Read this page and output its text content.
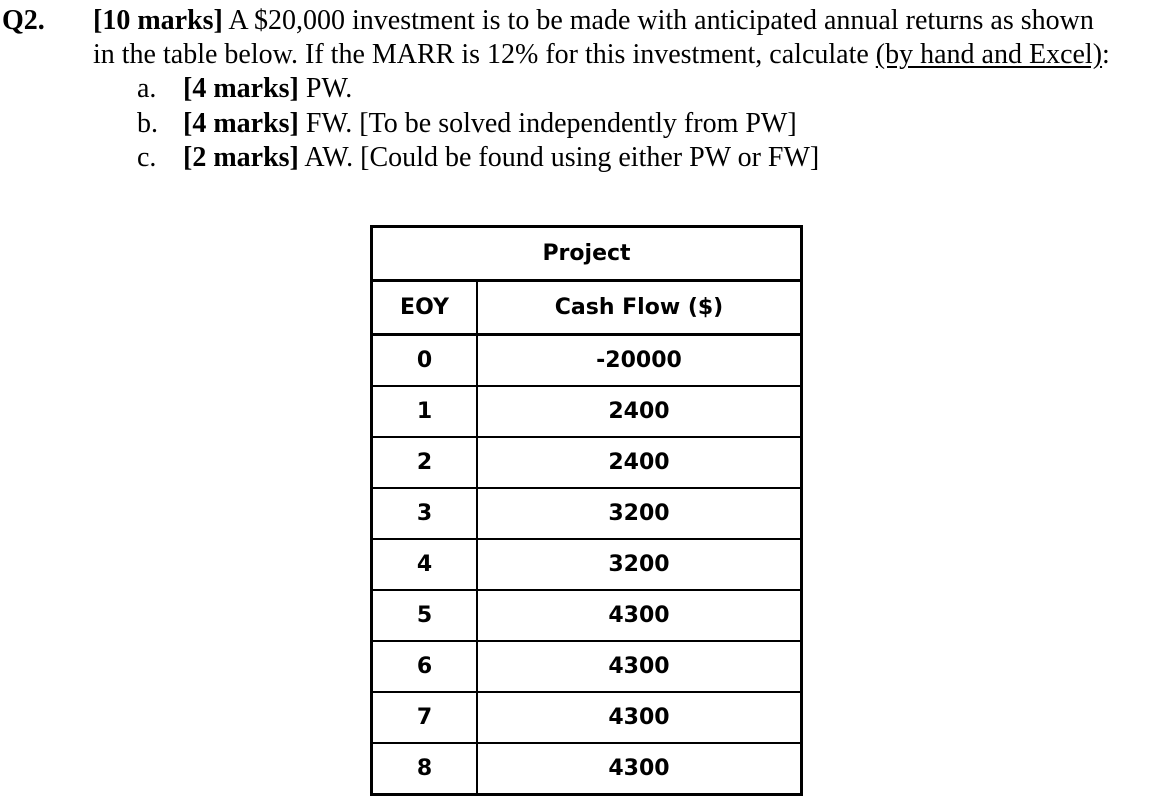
Q2. [10 marks] A $20,000 investment is to be made with anticipated annual returns as shown
in the table below. If the MARR is 12% for this investment, calculate (by hand and Excel):
a. [4 marks] PW.
b. [4 marks] FW. [To be solved independently from PW]
c. [2 marks] AW. [Could be found using either PW or FW]
Project	
EOY	Cash Flow ($)
0	-20000
1	2400
2	2400
3	3200
4	3200
5	4300
6	4300
7	4300
8	4300
